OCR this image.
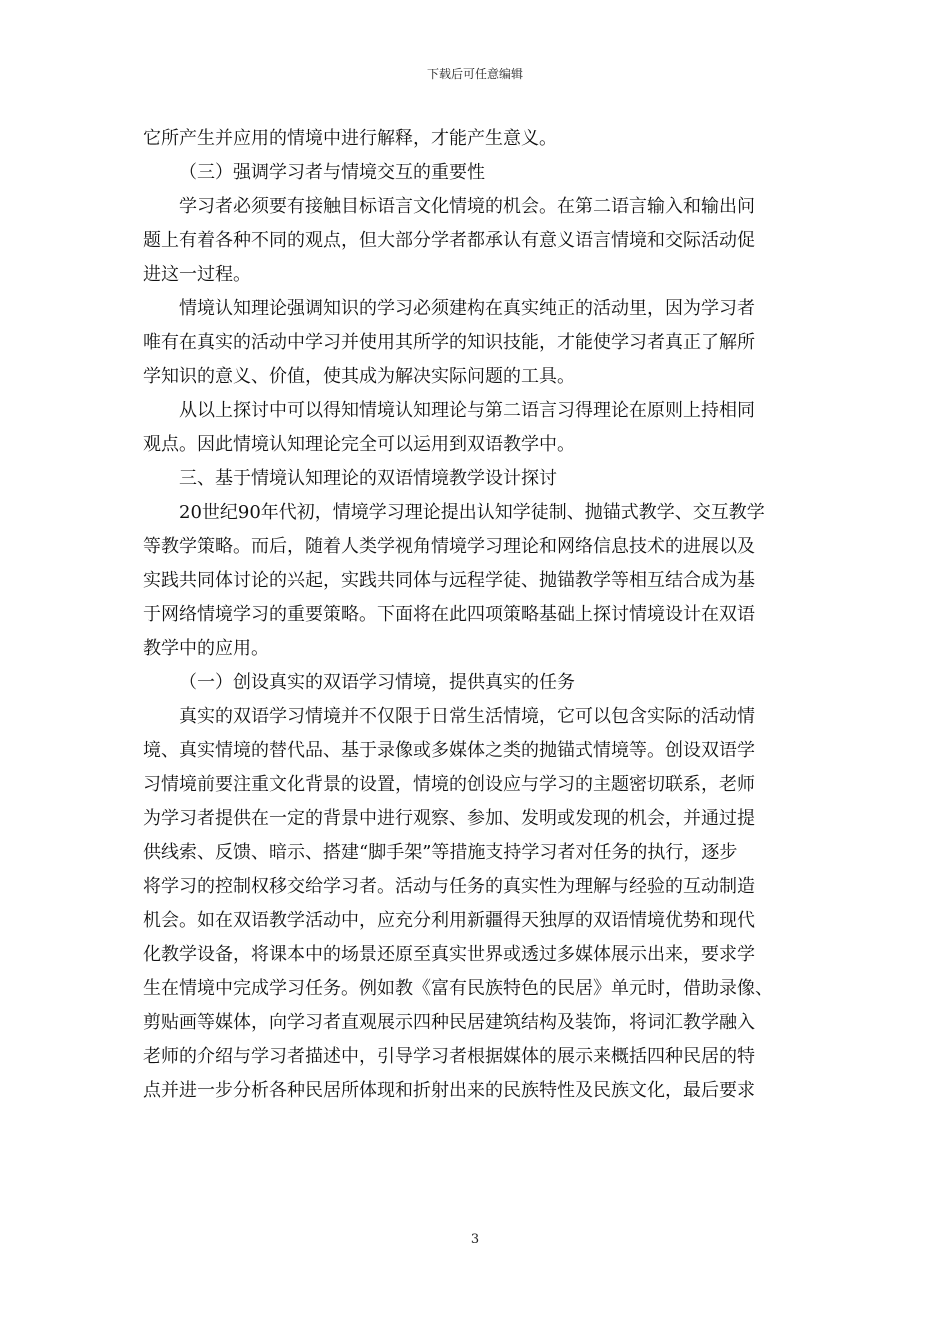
下载后可任意编辑
它所产生并应用的情境中进行解释，才能产生意义。
（三）强调学习者与情境交互的重要性
学习者必须要有接触目标语言文化情境的机会。在第二语言输入和输出问
题上有着各种不同的观点，但大部分学者都承认有意义语言情境和交际活动促
进这一过程。
情境认知理论强调知识的学习必须建构在真实纯正的活动里，因为学习者
唯有在真实的活动中学习并使用其所学的知识技能，才能使学习者真正了解所
学知识的意义、价值，使其成为解决实际问题的工具。
从以上探讨中可以得知情境认知理论与第二语言习得理论在原则上持相同
观点。因此情境认知理论完全可以运用到双语教学中。
三、基于情境认知理论的双语情境教学设计探讨
20世纪90年代初，情境学习理论提出认知学徒制、抛锚式教学、交互教学
等教学策略。而后，随着人类学视角情境学习理论和网络信息技术的进展以及
实践共同体讨论的兴起，实践共同体与远程学徒、抛锚教学等相互结合成为基
于网络情境学习的重要策略。下面将在此四项策略基础上探讨情境设计在双语
教学中的应用。
（一）创设真实的双语学习情境，提供真实的任务
真实的双语学习情境并不仅限于日常生活情境，它可以包含实际的活动情
境、真实情境的替代品、基于录像或多媒体之类的抛锚式情境等。创设双语学
习情境前要注重文化背景的设置，情境的创设应与学习的主题密切联系，老师
为学习者提供在一定的背景中进行观察、参加、发明或发现的机会，并通过提
供线索、反馈、暗示、搭建“脚手架”等措施支持学习者对任务的执行，逐步
将学习的控制权移交给学习者。活动与任务的真实性为理解与经验的互动制造
机会。如在双语教学活动中，应充分利用新疆得天独厚的双语情境优势和现代
化教学设备，将课本中的场景还原至真实世界或透过多媒体展示出来，要求学
生在情境中完成学习任务。例如教《富有民族特色的民居》单元时，借助录像、
剪贴画等媒体，向学习者直观展示四种民居建筑结构及装饰，将词汇教学融入
老师的介绍与学习者描述中，引导学习者根据媒体的展示来概括四种民居的特
点并进一步分析各种民居所体现和折射出来的民族特性及民族文化，最后要求
3
